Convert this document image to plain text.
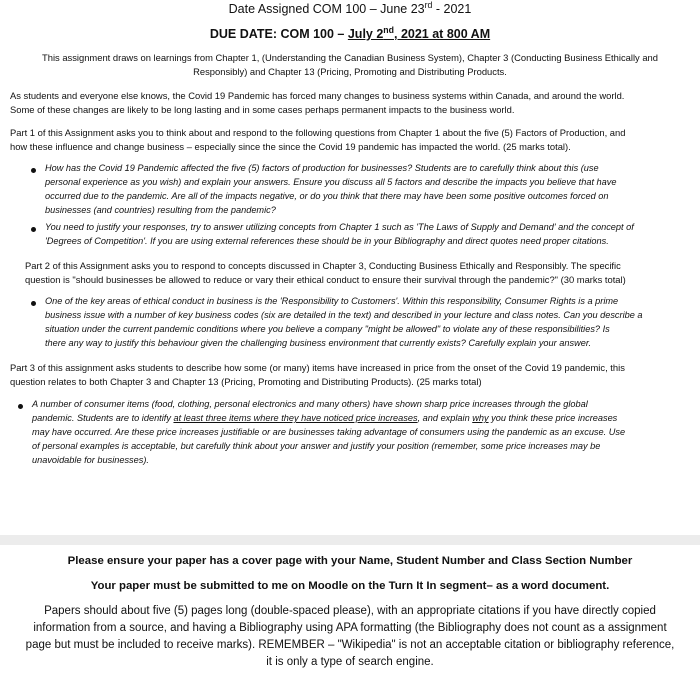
Date Assigned COM 100 – June 23rd - 2021
DUE DATE: COM 100 – July 2nd, 2021 at 800 AM
This assignment draws on learnings from Chapter 1, (Understanding the Canadian Business System), Chapter 3 (Conducting Business Ethically and
Responsibly) and Chapter 13 (Pricing, Promoting and Distributing Products.
As students and everyone else knows, the Covid 19 Pandemic has forced many changes to business systems within Canada, and around the world.
Some of these changes are likely to be long lasting and in some cases perhaps permanent impacts to the business world.
Part 1 of this Assignment asks you to think about and respond to the following questions from Chapter 1 about the five (5) Factors of Production, and
how these influence and change business – especially since the since the Covid 19 pandemic has impacted the world. (25 marks total).
How has the Covid 19 Pandemic affected the five (5) factors of production for businesses? Students are to carefully think about this (use
personal experience as you wish) and explain your answers. Ensure you discuss all 5 factors and describe the impacts you believe that have
occurred due to the pandemic. Are all of the impacts negative, or do you think that there may have been some positive outcomes forced on
businesses (and countries) resulting from the pandemic?
You need to justify your responses, try to answer utilizing concepts from Chapter 1 such as 'The Laws of Supply and Demand' and the concept of
'Degrees of Competition'. If you are using external references these should be in your Bibliography and direct quotes need proper citations.
Part 2 of this Assignment asks you to respond to concepts discussed in Chapter 3, Conducting Business Ethically and Responsibly. The specific
question is "should businesses be allowed to reduce or vary their ethical conduct to ensure their survival through the pandemic?" (30 marks total)
One of the key areas of ethical conduct in business is the 'Responsibility to Customers'. Within this responsibility, Consumer Rights is a prime
business issue with a number of key business codes (six are detailed in the text) and described in your lecture and class notes. Can you describe a
situation under the current pandemic conditions where you believe a company "might be allowed" to violate any of these responsibilities? Is
there any way to justify this behaviour given the challenging business environment that currently exists? Carefully explain your answer.
Part 3 of this assignment asks students to describe how some (or many) items have increased in price from the onset of the Covid 19 pandemic, this
question relates to both Chapter 3 and Chapter 13 (Pricing, Promoting and Distributing Products). (25 marks total)
A number of consumer items (food, clothing, personal electronics and many others) have shown sharp price increases through the global
pandemic. Students are to identify at least three items where they have noticed price increases, and explain why you think these price increases
may have occurred. Are these price increases justifiable or are businesses taking advantage of consumers using the pandemic as an excuse. Use
of personal examples is acceptable, but carefully think about your answer and justify your position (remember, some price increases may be
unavoidable for businesses).
Please ensure your paper has a cover page with your Name, Student Number and Class Section Number
Your paper must be submitted to me on Moodle on the Turn It In segment– as a word document.
Papers should about five (5) pages long (double-spaced please), with an appropriate citations if you have directly copied
information from a source, and having a Bibliography using APA formatting (the Bibliography does not count as a assignment
page but must be included to receive marks). REMEMBER – "Wikipedia" is not an acceptable citation or bibliography reference,
it is only a type of search engine.
